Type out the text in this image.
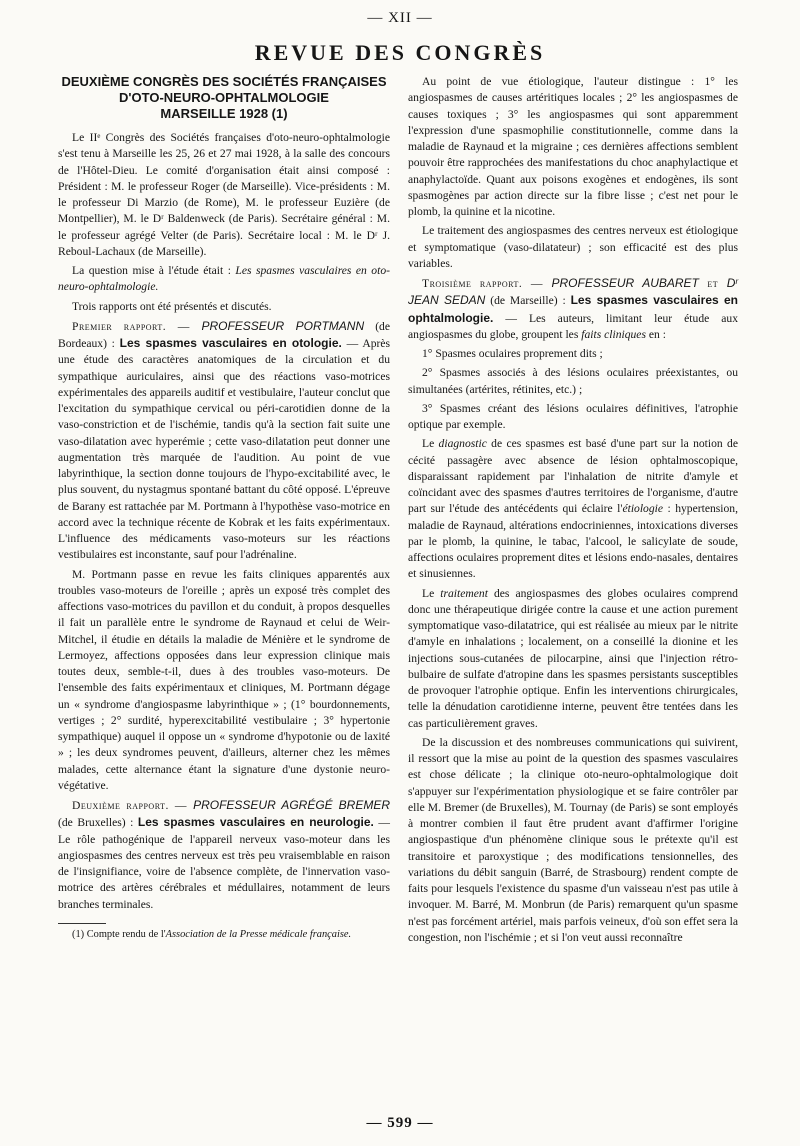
— XII —
REVUE DES CONGRÈS
DEUXIÈME CONGRÈS DES SOCIÉTÉS FRANÇAISES
D'OTO-NEURO-OPHTALMOLOGIE
MARSEILLE 1928 (1)

Le IIᵉ Congrès des Sociétés françaises d'oto-neuro-ophtalmologie s'est tenu à Marseille les 25, 26 et 27 mai 1928, à la salle des concours de l'Hôtel-Dieu. Le comité d'organisation était ainsi composé : Président : M. le professeur Roger (de Marseille). Vice-présidents : M. le professeur Di Marzio (de Rome), M. le professeur Euzière (de Montpellier), M. le Dʳ Baldenweck (de Paris). Secrétaire général : M. le professeur agrégé Velter (de Paris). Secrétaire local : M. le Dʳ J. Reboul-Lachaux (de Marseille).

La question mise à l'étude était : Les spasmes vasculaires en oto-neuro-ophtalmologie.

Trois rapports ont été présentés et discutés.

Premier rapport. — PROFESSEUR PORTMANN (de Bordeaux) : Les spasmes vasculaires en otologie. — Après une étude des caractères anatomiques de la circulation et du sympathique auriculaires, ainsi que des réactions vaso-motrices expérimentales des appareils auditif et vestibulaire, l'auteur conclut que l'excitation du sympathique cervical ou péri-carotidien donne de la vaso-constriction et de l'ischémie, tandis qu'à la section fait suite une vaso-dilatation avec hyperémie ; cette vaso-dilatation peut donner une augmentation très marquée de l'audition. Au point de vue labyrinthique, la section donne toujours de l'hypo-excitabilité avec, le plus souvent, du nystagmus spontané battant du côté opposé. L'épreuve de Barany est rattachée par M. Portmann à l'hypothèse vaso-motrice en accord avec la technique récente de Kobrak et les faits expérimentaux. L'influence des médicaments vaso-moteurs sur les réactions vestibulaires est inconstante, sauf pour l'adrénaline.

M. Portmann passe en revue les faits cliniques apparentés aux troubles vaso-moteurs de l'oreille ; après un exposé très complet des affections vaso-motrices du pavillon et du conduit, à propos desquelles il fait un parallèle entre le syndrome de Raynaud et celui de Weir-Mitchel, il étudie en détails la maladie de Ménière et le syndrome de Lermoyez, affections opposées dans leur expression clinique mais toutes deux, semble-t-il, dues à des troubles vaso-moteurs. De l'ensemble des faits expérimentaux et cliniques, M. Portmann dégage un « syndrome d'angiospasme labyrinthique » ; (1° bourdonnements, vertiges ; 2° surdité, hyperexcitabilité vestibulaire ; 3° hypertonie sympathique) auquel il oppose un « syndrome d'hypotonie ou de laxité » ; les deux syndromes peuvent, d'ailleurs, alterner chez les mêmes malades, cette alternance étant la signature d'une dystonie neuro-végétative.

Deuxième rapport. — PROFESSEUR AGRÉGÉ BREMER (de Bruxelles) : Les spasmes vasculaires en neurologie. — Le rôle pathogénique de l'appareil nerveux vaso-moteur dans les angiospasmes des centres nerveux est très peu vraisemblable en raison de l'insignifiance, voire de l'absence complète, de l'innervation vaso-motrice des artères cérébrales et médullaires, notamment de leurs branches terminales.

(1) Compte rendu de l'Association de la Presse médicale française.

Au point de vue étiologique, l'auteur distingue : 1° les angiospasmes de causes artéritiques locales ; 2° les angiospasmes de causes toxiques ; 3° les angiospasmes qui sont apparemment l'expression d'une spasmophilie constitutionnelle, comme dans la maladie de Raynaud et la migraine ; ces dernières affections semblent pouvoir être rapprochées des manifestations du choc anaphylactique et anaphylactoïde. Quant aux poisons exogènes et endogènes, ils sont spasmogènes par action directe sur la fibre lisse ; c'est net pour le plomb, la quinine et la nicotine.

Le traitement des angiospasmes des centres nerveux est étiologique et symptomatique (vaso-dilatateur) ; son efficacité est des plus variables.

Troisième rapport. — PROFESSEUR AUBARET et Dʳ JEAN SEDAN (de Marseille) : Les spasmes vasculaires en ophtalmologie. — Les auteurs, limitant leur étude aux angiospasmes du globe, groupent les faits cliniques en :

1° Spasmes oculaires proprement dits ;

2° Spasmes associés à des lésions oculaires préexistantes, ou simultanées (artérites, rétinites, etc.) ;

3° Spasmes créant des lésions oculaires définitives, l'atrophie optique par exemple.

Le diagnostic de ces spasmes est basé d'une part sur la notion de cécité passagère avec absence de lésion ophtalmoscopique, disparaissant rapidement par l'inhalation de nitrite d'amyle et coïncidant avec des spasmes d'autres territoires de l'organisme, d'autre part sur l'étude des antécédents qui éclaire l'étiologie : hypertension, maladie de Raynaud, altérations endocriniennes, intoxications diverses par le plomb, la quinine, le tabac, l'alcool, le salicylate de soude, affections oculaires proprement dites et lésions endo-nasales, dentaires et sinusiennes.

Le traitement des angiospasmes des globes oculaires comprend donc une thérapeutique dirigée contre la cause et une action purement symptomatique vaso-dilatatrice, qui est réalisée au mieux par le nitrite d'amyle en inhalations ; localement, on a conseillé la dionine et les injections sous-cutanées de pilocarpine, ainsi que l'injection rétro-bulbaire de sulfate d'atropine dans les spasmes persistants susceptibles de provoquer l'atrophie optique. Enfin les interventions chirurgicales, telle la dénudation carotidienne interne, peuvent être tentées dans les cas particulièrement graves.

De la discussion et des nombreuses communications qui suivirent, il ressort que la mise au point de la question des spasmes vasculaires est chose délicate ; la clinique oto-neuro-ophtalmologique doit s'appuyer sur l'expérimentation physiologique et se faire contrôler par elle M. Bremer (de Bruxelles), M. Tournay (de Paris) se sont employés à montrer combien il faut être prudent avant d'affirmer l'origine angiospastique d'un phénomène clinique sous le prétexte qu'il est transitoire et paroxystique ; des modifications tensionnelles, des variations du débit sanguin (Barré, de Strasbourg) rendent compte de faits pour lesquels l'existence du spasme d'un vaisseau n'est pas utile à invoquer. M. Barré, M. Monbrun (de Paris) remarquent qu'un spasme n'est pas forcément artériel, mais parfois veineux, d'où son effet sera la congestion, non l'ischémie ; et si l'on veut aussi reconnaître

— 599 —
